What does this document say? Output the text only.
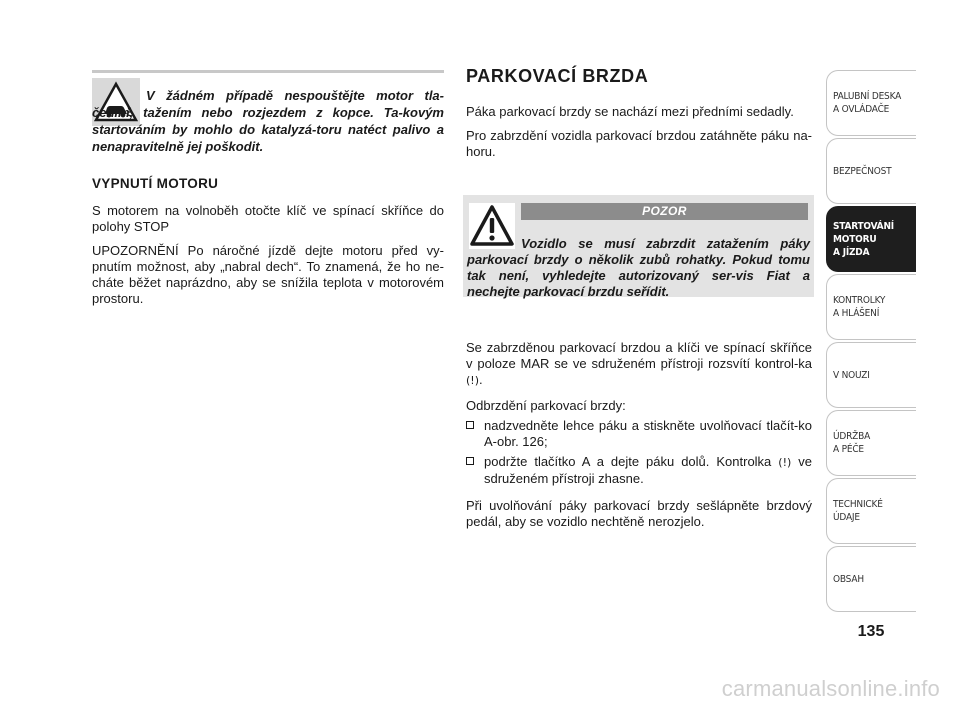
V žádném případě nespouštějte motor tla-čením, tažením nebo rozjezdem z kopce. Ta-kovým startováním by mohlo do katalyzá-toru natéct palivo a nenapravitelně jej poškodit.

VYPNUTÍ MOTORU

S motorem na volnoběh otočte klíč ve spínací skříňce do polohy STOP

UPOZORNĚNÍ Po náročné jízdě dejte motoru před vy-pnutím možnost, aby „nabral dech“. To znamená, že ho ne-cháte běžet naprázdno, aby se snížila teplota v motorovém prostoru.

PARKOVACÍ BRZDA

Páka parkovací brzdy se nachází mezi předními sedadly.

Pro zabrzdění vozidla parkovací brzdou zatáhněte páku na-horu.

POZOR

Vozidlo se musí zabrzdit zatažením páky parkovací brzdy o několik zubů rohatky. Pokud tomu tak není, vyhledejte autorizovaný ser-vis Fiat a nechejte parkovací brzdu seřídit.

Se zabrzděnou parkovací brzdou a klíči ve spínací skříňce v poloze MAR se ve sdruženém přístroji rozsvítí kontrol-ka (!).

Odbrzdění parkovací brzdy:

nadzvedněte lehce páku a stiskněte uvolňovací tlačít-ko A-obr. 126;
podržte tlačítko A a dejte páku dolů. Kontrolka (!) ve sdruženém přístroji zhasne.

Při uvolňování páky parkovací brzdy sešlápněte brzdový pedál, aby se vozidlo nechtěně nerozjelo.

PALUBNÍ DESKA
A OVLÁDAČE
BEZPEČNOST
STARTOVÁNÍ
MOTORU
A JÍZDA
KONTROLKY
A HLÁŠENÍ
V NOUZI
ÚDRŽBA
A PÉČE
TECHNICKÉ
ÚDAJE
OBSAH
135
carmanualsonline.info
